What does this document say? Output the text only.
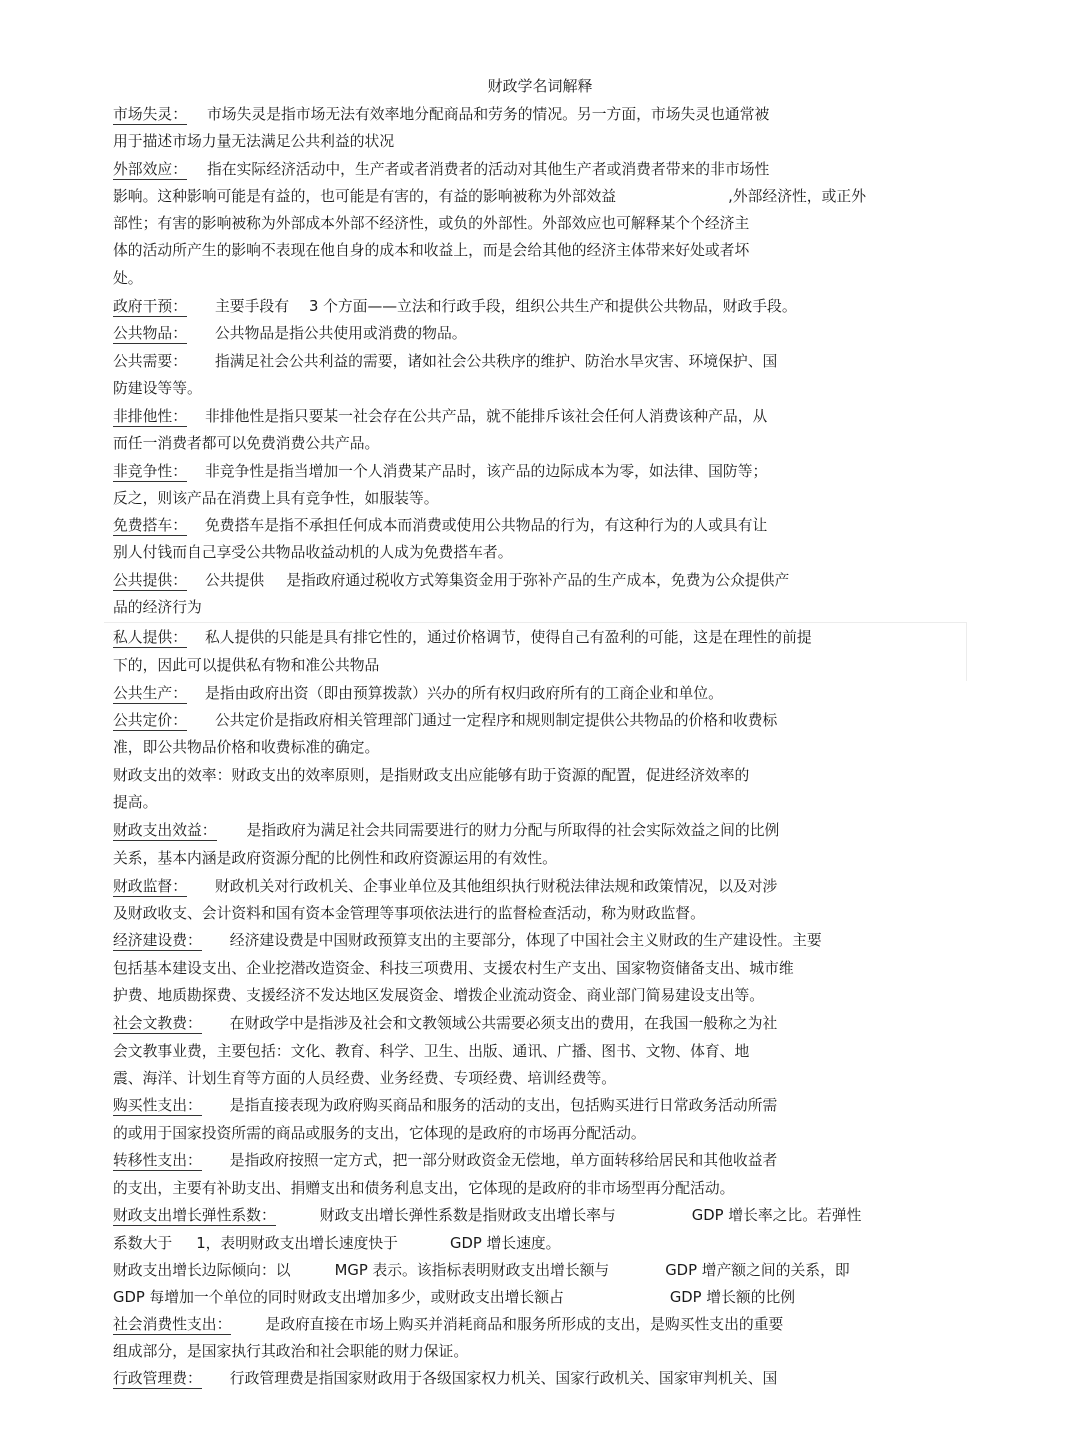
财政学名词解释
市场失灵： 市场失灵是指市场无法有效率地分配商品和劳务的情况。另一方面，市场失灵也通常被
用于描述市场力量无法满足公共利益的状况
外部效应： 指在实际经济活动中，生产者或者消费者的活动对其他生产者或消费者带来的非市场性
影响。这种影响可能是有益的，也可能是有害的，有益的影响被称为外部效益	,外部经济性，或正外
部性；有害的影响被称为外部成本外部不经济性，或负的外部性。外部效应也可解释某个个经济主
体的活动所产生的影响不表现在他自身的成本和收益上，而是会给其他的经济主体带来好处或者坏
处。
政府干预： 主要手段有 3 个方面——立法和行政手段，组织公共生产和提供公共物品，财政手段。
公共物品： 公共物品是指公共使用或消费的物品。
公共需要： 指满足社会公共利益的需要，诸如社会公共秩序的维护、防治水旱灾害、环境保护、国
防建设等等。
非排他性： 非排他性是指只要某一社会存在公共产品，就不能排斥该社会任何人消费该种产品，从
而任一消费者都可以免费消费公共产品。
非竞争性： 非竞争性是指当增加一个人消费某产品时，该产品的边际成本为零，如法律、国防等；
反之，则该产品在消费上具有竞争性，如服装等。
免费搭车： 免费搭车是指不承担任何成本而消费或使用公共物品的行为，有这种行为的人或具有让
别人付钱而自己享受公共物品收益动机的人成为免费搭车者。
公共提供： 公共提供 是指政府通过税收方式筹集资金用于弥补产品的生产成本，免费为公众提供产
品的经济行为
私人提供： 私人提供的只能是具有排它性的，通过价格调节，使得自己有盈利的可能，这是在理性的前提
下的，因此可以提供私有物和准公共物品
公共生产： 是指由政府出资（即由预算拨款）兴办的所有权归政府所有的工商企业和单位。
公共定价： 公共定价是指政府相关管理部门通过一定程序和规则制定提供公共物品的价格和收费标
准，即公共物品价格和收费标准的确定。
财政支出的效率：财政支出的效率原则，是指财政支出应能够有助于资源的配置，促进经济效率的
提高。
财政支出效益： 是指政府为满足社会共同需要进行的财力分配与所取得的社会实际效益之间的比例
关系，基本内涵是政府资源分配的比例性和政府资源运用的有效性。
财政监督： 财政机关对行政机关、企事业单位及其他组织执行财税法律法规和政策情况，以及对涉
及财政收支、会计资料和国有资本金管理等事项依法进行的监督检查活动，称为财政监督。
经济建设费： 经济建设费是中国财政预算支出的主要部分，体现了中国社会主义财政的生产建设性。主要
包括基本建设支出、企业挖潜改造资金、科技三项费用、支援农村生产支出、国家物资储备支出、城市维
护费、地质勘探费、支援经济不发达地区发展资金、增拨企业流动资金、商业部门简易建设支出等。
社会文教费： 在财政学中是指涉及社会和文教领域公共需要必须支出的费用，在我国一般称之为社
会文教事业费，主要包括：文化、教育、科学、卫生、出版、通讯、广播、图书、文物、体育、地
震、海洋、计划生育等方面的人员经费、业务经费、专项经费、培训经费等。
购买性支出： 是指直接表现为政府购买商品和服务的活动的支出，包括购买进行日常政务活动所需
的或用于国家投资所需的商品或服务的支出，它体现的是政府的市场再分配活动。
转移性支出： 是指政府按照一定方式，把一部分财政资金无偿地，单方面转移给居民和其他收益者
的支出，主要有补助支出、捐赠支出和债务利息支出，它体现的是政府的非市场型再分配活动。
财政支出增长弹性系数：	财政支出增长弹性系数是指财政支出增长率与	GDP 增长率之比。若弹性
系数大于 1，表明财政支出增长速度快于	GDP 增长速度。
财政支出增长边际倾向：以	MGP 表示。该指标表明财政支出增长额与	GDP 增产额之间的关系，即
GDP 每增加一个单位的同时财政支出增加多少，或财政支出增长额占	GDP 增长额的比例
社会消费性支出： 是政府直接在市场上购买并消耗商品和服务所形成的支出，是购买性支出的重要
组成部分，是国家执行其政治和社会职能的财力保证。
行政管理费： 行政管理费是指国家财政用于各级国家权力机关、国家行政机关、国家审判机关、国
